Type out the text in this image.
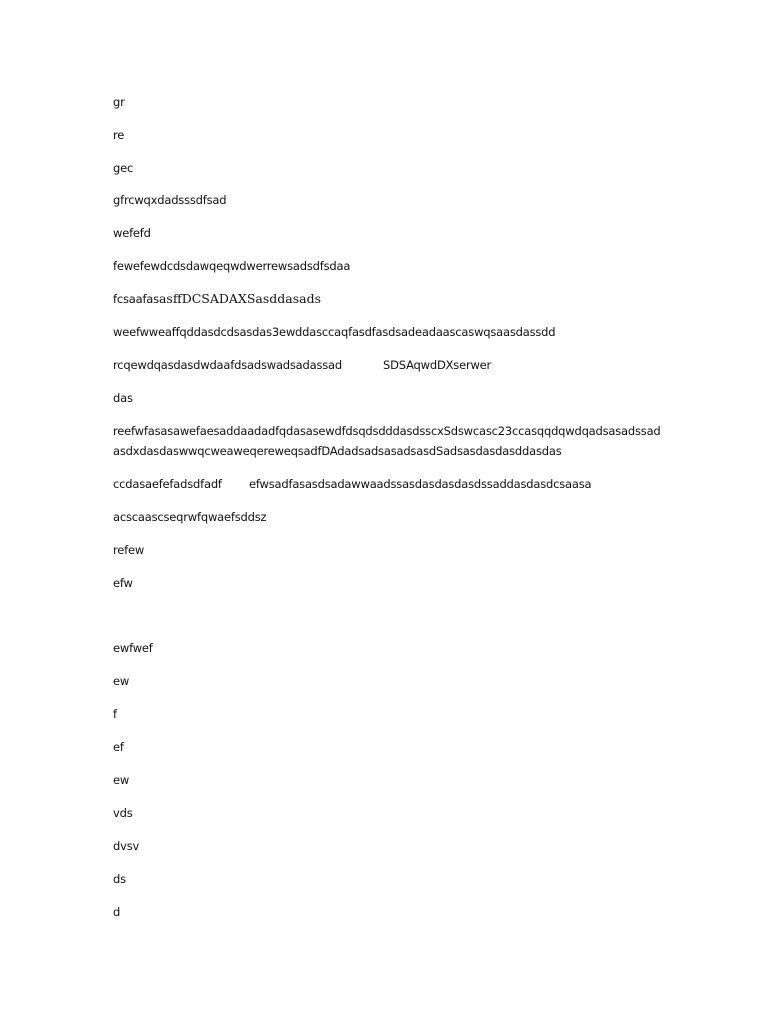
gr
re
gec
gfrcwqxdadsssdfsad
wefefd
fewefewdcdsdawqeqwdwerrewsadsdfsdaa
fcsaafasasffDCSADAXSasddasads
weefwweaffqddasdcdsasdas3ewddasccaqfasdfasdsadeadaascaswqsaasdassdd
rcqewdqasdasdwdaafdsadswadsadassad	SDSAqwdDXserwer
das
reefwfasasawefaesaddaadadfqdasasewdfdsqdsdddasdsscxSdswcasc23ccasqqdqwdqadsasadssad
asdxdasdaswwqcweaweqereweqsadfDAdadsadsasadsasdSadsasdasdasddasdas
ccdasaefefadsdfadf efwsadfasasdsadawwaadssasdasdasdasdssaddasdasdcsaasa
acscaascseqrwfqwaefsddsz
refew
efw
ewfwef
ew
f
ef
ew
vds
dvsv
ds
d
